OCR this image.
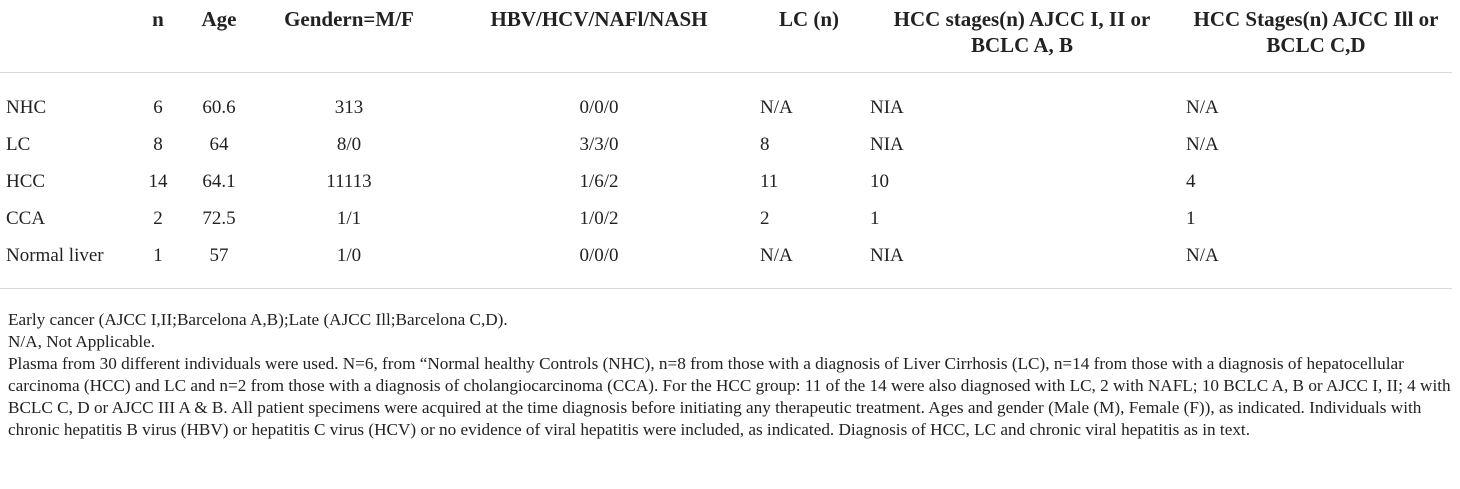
	n	Age	Gendern=M/F	HBV/HCV/NAFl/NASH	LC (n)	HCC stages(n) AJCC I, II or BCLC A, B	HCC Stages(n) AJCC Ill or BCLC C,D
NHC	6	60.6	313	0/0/0	N/A	NIA	N/A
LC	8	64	8/0	3/3/0	8	NIA	N/A
HCC	14	64.1	11113	1/6/2	11	10	4
CCA	2	72.5	1/1	1/0/2	2	1	1
Normal liver	1	57	1/0	0/0/0	N/A	NIA	N/A

Early cancer (AJCC I,II;Barcelona A,B);Late (AJCC Ill;Barcelona C,D).

N/A, Not Applicable.

Plasma from 30 different individuals were used. N=6, from “Normal healthy Controls (NHC), n=8 from those with a diagnosis of Liver Cirrhosis (LC), n=14 from those with a diagnosis of hepatocellular carcinoma (HCC) and LC and n=2 from those with a diagnosis of cholangiocarcinoma (CCA). For the HCC group: 11 of the 14 were also diagnosed with LC, 2 with NAFL; 10 BCLC A, B or AJCC I, II; 4 with BCLC C, D or AJCC III A & B. All patient specimens were acquired at the time diagnosis before initiating any therapeutic treatment. Ages and gender (Male (M), Female (F)), as indicated. Individuals with chronic hepatitis B virus (HBV) or hepatitis C virus (HCV) or no evidence of viral hepatitis were included, as indicated. Diagnosis of HCC, LC and chronic viral hepatitis as in text.
